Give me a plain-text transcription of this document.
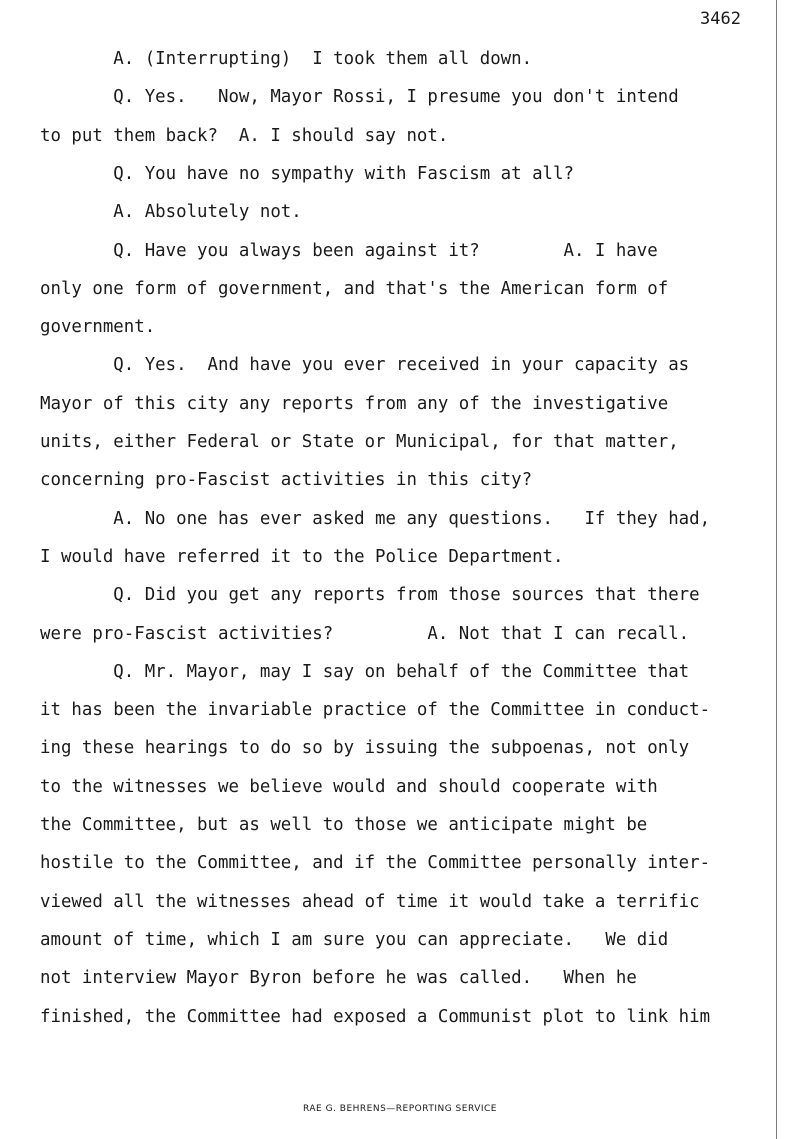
3462
A. (Interrupting)  I took them all down.
Q. Yes.   Now, Mayor Rossi, I presume you don't intend
to put them back?  A. I should say not.
Q. You have no sympathy with Fascism at all?
A. Absolutely not.
Q. Have you always been against it?        A. I have
only one form of government, and that's the American form of
government.
Q. Yes.  And have you ever received in your capacity as
Mayor of this city any reports from any of the investigative
units, either Federal or State or Municipal, for that matter,
concerning pro-Fascist activities in this city?
A. No one has ever asked me any questions.   If they had,
I would have referred it to the Police Department.
Q. Did you get any reports from those sources that there
were pro-Fascist activities?         A. Not that I can recall.
Q. Mr. Mayor, may I say on behalf of the Committee that
it has been the invariable practice of the Committee in conduct-
ing these hearings to do so by issuing the subpoenas, not only
to the witnesses we believe would and should cooperate with
the Committee, but as well to those we anticipate might be
hostile to the Committee, and if the Committee personally inter-
viewed all the witnesses ahead of time it would take a terrific
amount of time, which I am sure you can appreciate.   We did
not interview Mayor Byron before he was called.   When he
finished, the Committee had exposed a Communist plot to link him
RAE G. BEHRENS—REPORTING SERVICE
